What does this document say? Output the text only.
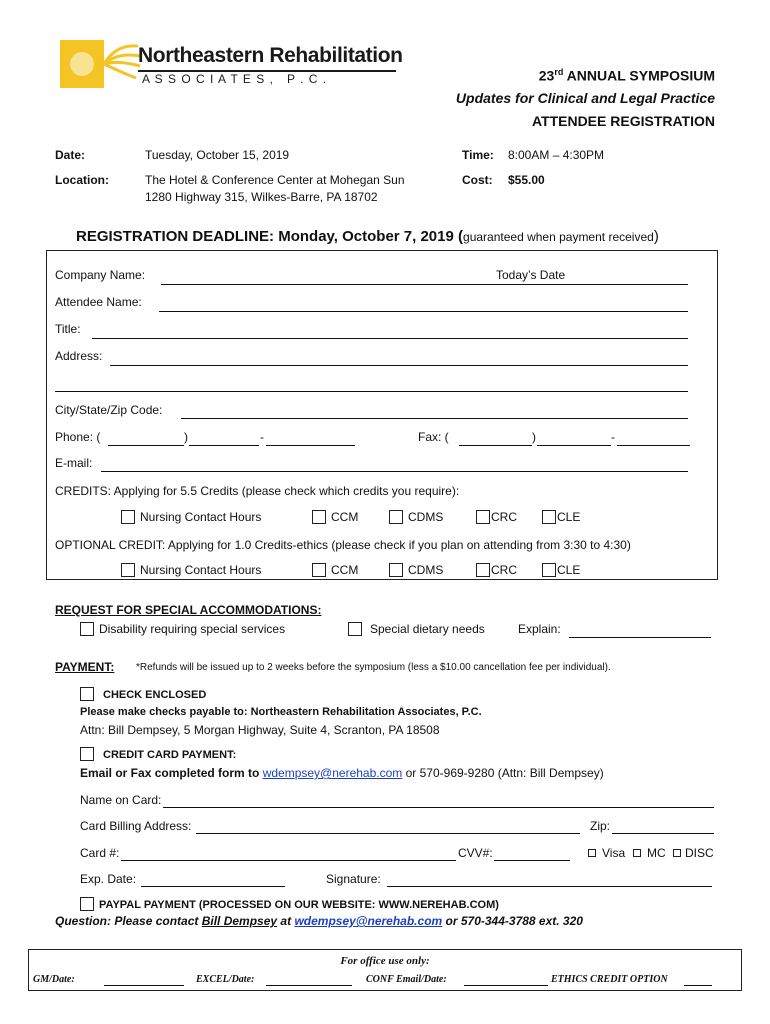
Northeastern Rehabilitation
A S S O C I A T E S ,   P . C .	23rd ANNUAL SYMPOSIUM
Updates for Clinical and Legal Practice
ATTENDEE REGISTRATION
Date:	Tuesday, October 15, 2019	Time: 8:00AM – 4:30PM
Location:	The Hotel & Conference Center at Mohegan Sun
1280 Highway 315, Wilkes-Barre, PA 18702
Cost: $55.00
REGISTRATION DEADLINE: Monday, October 7, 2019 (guaranteed when payment received)
Company Name:	Today’s Date
Attendee Name:
Title:
Address:
City/State/Zip Code:
Phone: (	)	-	Fax: (	)	-
E-mail:
CREDITS: Applying for 5.5 Credits (please check which credits you require):
Nursing Contact Hours	CCM	CDMS	CRC	CLE
OPTIONAL CREDIT: Applying for 1.0 Credits-ethics (please check if you plan on attending from 3:30 to 4:30)
Nursing Contact Hours	CCM	CDMS	CRC	CLE
REQUEST FOR SPECIAL ACCOMMODATIONS:
Disability requiring special services	Special dietary needs	Explain:
PAYMENT: *Refunds will be issued up to 2 weeks before the symposium (less a $10.00 cancellation fee per individual).
CHECK ENCLOSED
Please make checks payable to: Northeastern Rehabilitation Associates, P.C.
Attn: Bill Dempsey, 5 Morgan Highway, Suite 4, Scranton, PA 18508
CREDIT CARD PAYMENT:
Email or Fax completed form to wdempsey@nerehab.com or 570-969-9280 (Attn: Bill Dempsey)
Name on Card:
Card Billing Address:	Zip:
Card #:	CVV#:	Visa	MC	DISC
Exp. Date:	Signature:
PAYPAL PAYMENT (PROCESSED ON OUR WEBSITE: WWW.NEREHAB.COM)
Question: Please contact Bill Dempsey at wdempsey@nerehab.com or 570-344-3788 ext. 320
For office use only:
GM/Date:	EXCEL/Date:	CONF Email/Date:	ETHICS CREDIT OPTION
